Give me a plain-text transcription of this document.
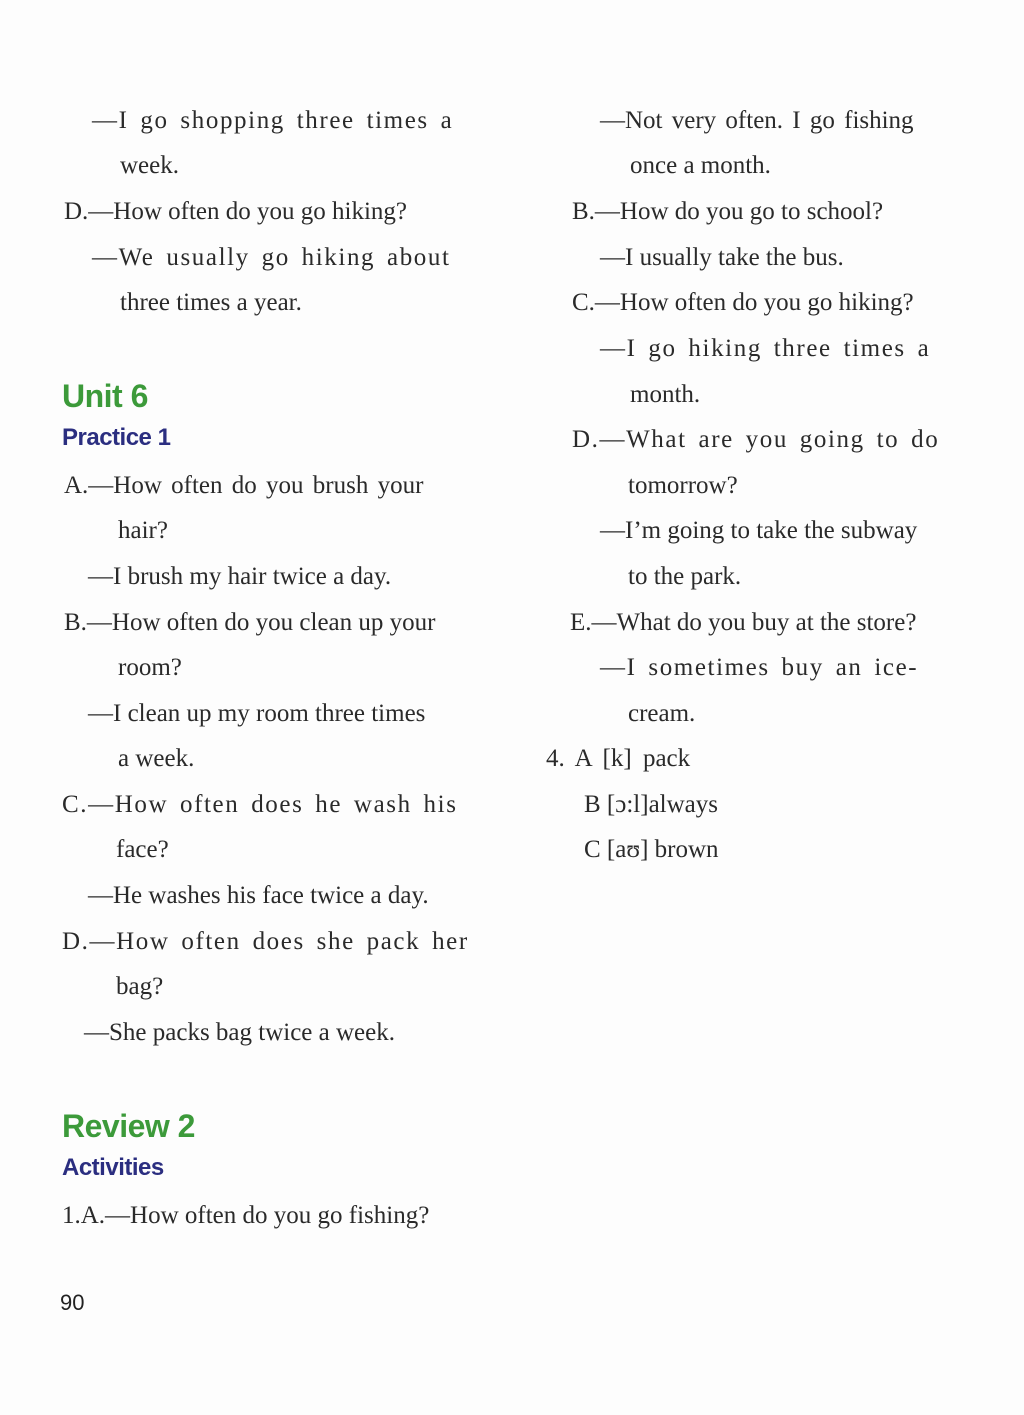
—I go shopping three times a
week.
D.—How often do you go hiking?
—We usually go hiking about
three times a year.
Unit 6
Practice 1
A.—How often do you brush your
hair?
—I brush my hair twice a day.
B.—How often do you clean up your
room?
—I clean up my room three times
a week.
C.—How often does he wash his
face?
—He washes his face twice a day.
D.—How often does she pack her
bag?
—She packs bag twice a week.
Review 2
Activities
1.A.—How often do you go fishing?
—Not very often. I go fishing
once a month.
B.—How do you go to school?
—I usually take the bus.
C.—How often do you go hiking?
—I go hiking three times a
month.
D.—What are you going to do
tomorrow?
—I’m going to take the subway
to the park.
E.—What do you buy at the store?
—I sometimes buy an ice-
cream.
4. A [k] pack
B [ɔ:l]always
C [aʊ] brown
90
